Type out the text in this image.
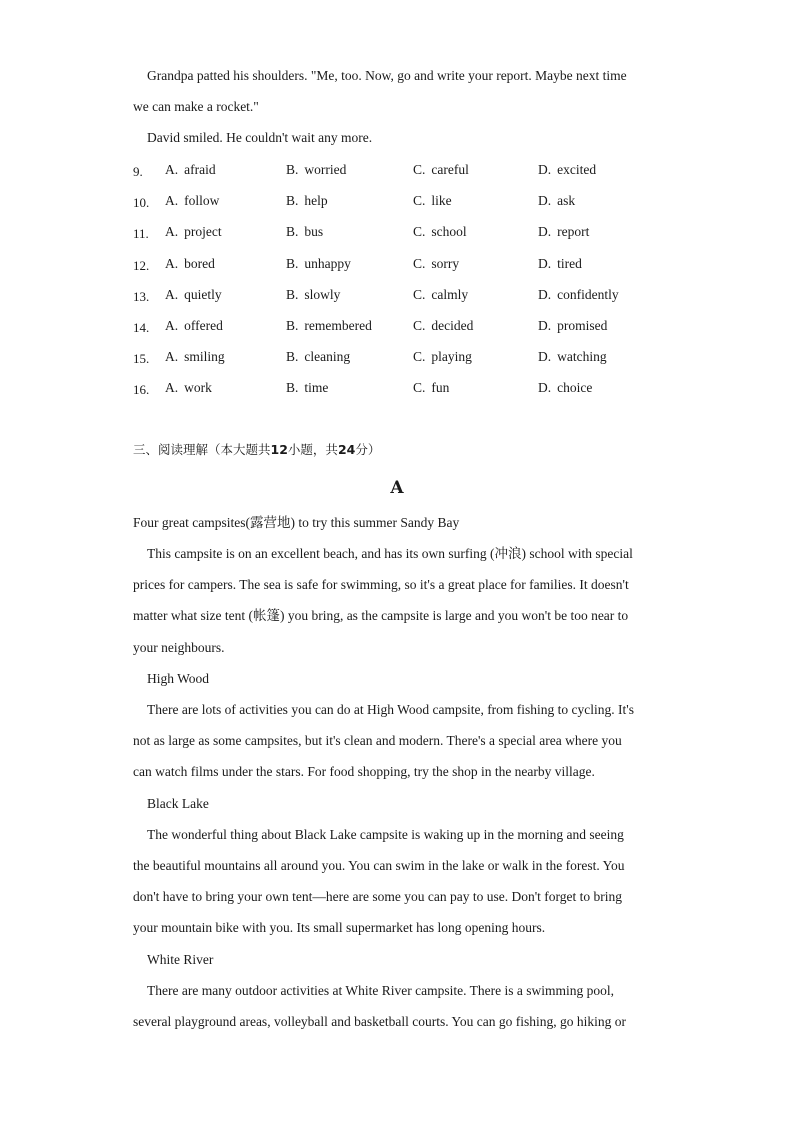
Grandpa patted his shoulders. "Me, too. Now, go and write your report. Maybe next time
we can make a rocket."
David smiled. He couldn't wait any more.
9. A. afraid	B. worried	C. careful	D. excited
10. A. follow	B. help	C. like	D. ask
11. A. project	B. bus	C. school	D. report
12. A. bored	B. unhappy	C. sorry	D. tired
13. A. quietly	B. slowly	C. calmly	D. confidently
14. A. offered	B. remembered	C. decided	D. promised
15. A. smiling	B. cleaning	C. playing	D. watching
16. A. work	B. time	C. fun	D. choice
三、阅读理解（本大题共12小题，共24分）
A
Four great campsites(露营地) to try this summer Sandy Bay
This campsite is on an excellent beach, and has its own surfing (冲浪) school with special
prices for campers. The sea is safe for swimming, so it's a great place for families. It doesn't
matter what size tent (帐篷) you bring, as the campsite is large and you won't be too near to
your neighbours.
High Wood
There are lots of activities you can do at High Wood campsite, from fishing to cycling. It's
not as large as some campsites, but it's clean and modern. There's a special area where you
can watch films under the stars. For food shopping, try the shop in the nearby village.
Black Lake
The wonderful thing about Black Lake campsite is waking up in the morning and seeing
the beautiful mountains all around you. You can swim in the lake or walk in the forest. You
don't have to bring your own tent—here are some you can pay to use. Don't forget to bring
your mountain bike with you. Its small supermarket has long opening hours.
White River
There are many outdoor activities at White River campsite. There is a swimming pool,
several playground areas, volleyball and basketball courts. You can go fishing, go hiking or
